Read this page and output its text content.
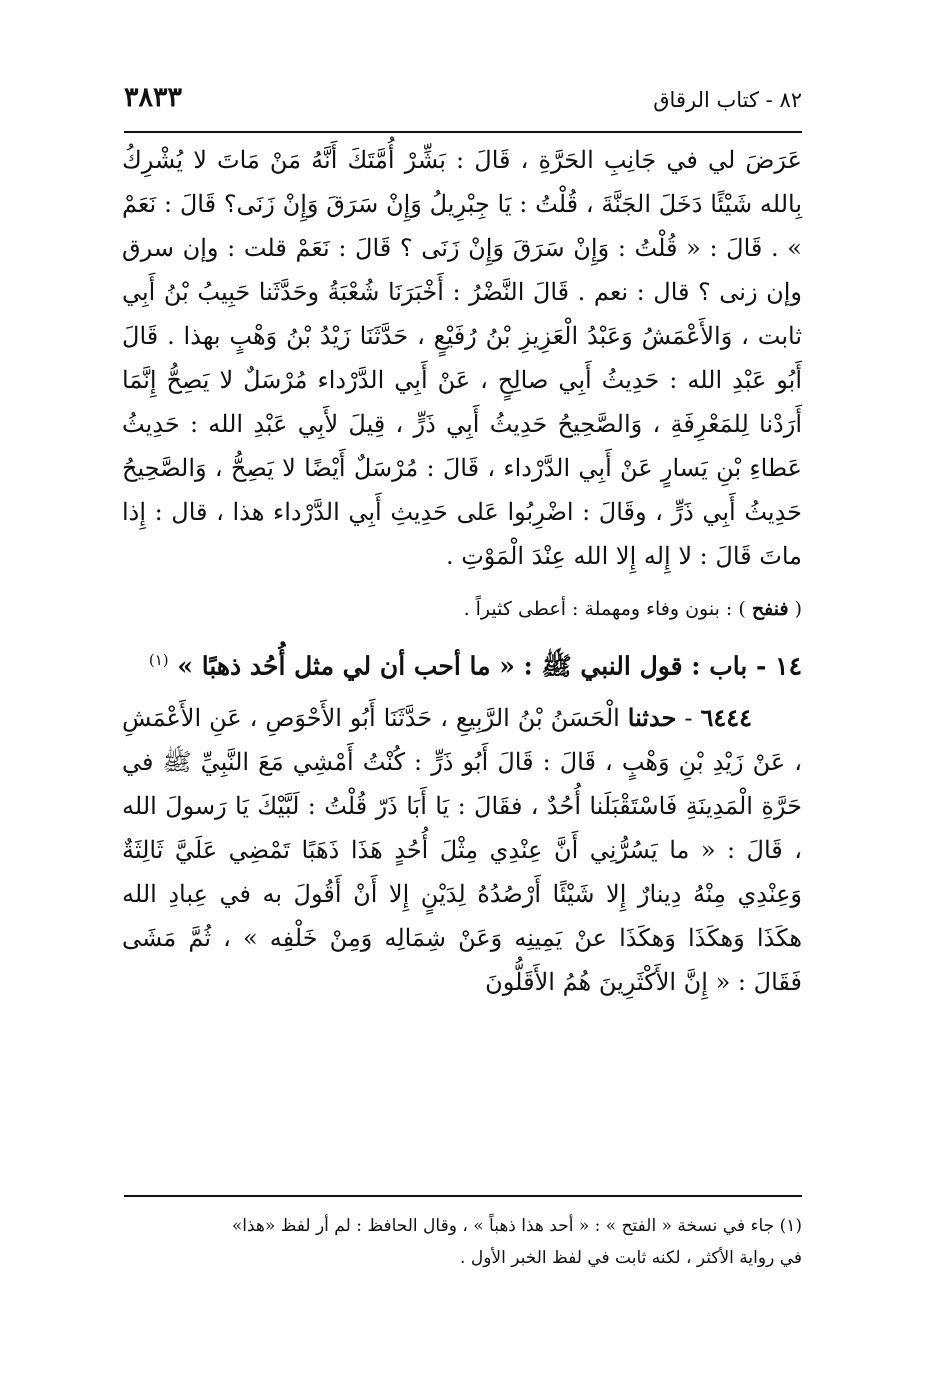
٨٢ - كتاب الرقاق
٣٨٣٣

عَرَضَ لي في جَانِبِ الحَرَّةِ ، قَالَ : بَشِّرْ أُمَّتَكَ أَنَّهُ مَنْ مَاتَ لا يُشْرِكُ بِالله شَيْئًا دَخَلَ الجَنَّةَ ، قُلْتُ : يَا جِبْرِيلُ وَإِنْ سَرَقَ وَإِنْ زَنَى؟ قَالَ : نَعَمْ » . قَالَ : « قُلْتُ : وَإِنْ سَرَقَ وَإِنْ زَنَى ؟ قَالَ : نَعَمْ قلت : وإن سرق وإن زنى ؟ قال : نعم . قَالَ النَّضْرُ : أَخْبَرَنَا شُعْبَةُ وحَدَّثَنا حَبِيبُ بْنُ أَبِي ثابت ، وَالأَعْمَشُ وَعَبْدُ الْعَزِيزِ بْنُ رُفَيْعٍ ، حَدَّثَنَا زَيْدُ بْنُ وَهْبٍ بهذا . قَالَ أَبُو عَبْدِ الله : حَدِيثُ أَبِي صالِحٍ ، عَنْ أَبِي الدَّرْداء مُرْسَلٌ لا يَصِحُّ إِنَّمَا أَرَدْنا لِلمَعْرِفَةِ ، وَالصَّحِيحُ حَدِيثُ أَبِي ذَرٍّ ، قِيلَ لأَبِي عَبْدِ الله : حَدِيثُ عَطاءِ بْنِ يَسارٍ عَنْ أَبِي الدَّرْداء ، قَالَ : مُرْسَلٌ أَيْضًا لا يَصِحُّ ، وَالصَّحِيحُ حَدِيثُ أَبِي ذَرٍّ ، وقَالَ : اضْرِبُوا عَلى حَدِيثِ أَبِي الدَّرْداء هذا ، قال : إِذا ماتَ قَالَ : لا إِله إِلا الله عِنْدَ الْمَوْتِ .

( فنفح ) : بنون وفاء ومهملة : أعطى كثيراً .

١٤ - باب : قول النبي ﷺ : « ما أحب أن لي مثل أُحُد ذهبًا » $^{(١)}$

٦٤٤٤ - حدثنا الْحَسَنُ بْنُ الرَّبِيعِ ، حَدَّثَنَا أَبُو الأَحْوَصِ ، عَنِ الأَعْمَشِ ، عَنْ زَيْدِ بْنِ وَهْبٍ ، قَالَ : قَالَ أَبُو ذَرٍّ : كُنْتُ أَمْشِي مَعَ النَّبِيِّ ﷺ في حَرَّةِ الْمَدِينَةِ فَاسْتَقْبَلَنا أُحُدٌ ، فقَالَ : يَا أَبَا ذَرّ قُلْتُ : لَبَّيْكَ يَا رَسولَ الله ، قَالَ : « ما يَسُرُّنِي أَنَّ عِنْدِي مِثْلَ أُحُدٍ هَذَا ذَهَبًا تَمْضِي عَلَيَّ ثَالِثَةٌ وَعِنْدِي مِنْهُ دِينارٌ إِلا شَيْئًا أَرْصُدُهُ لِدَيْنٍ إِلا أَنْ أَقُولَ به في عِبادِ الله هكَذَا وَهكَذَا وَهكَذَا عنْ يَمِينِه وَعَنْ شِمَالِه وَمِنْ خَلْفِه » ، ثُمَّ مَشَى فَقَالَ : « إِنَّ الأَكْثَرِينَ هُمُ الأَقَلُّونَ

(١) جاء في نسخة « الفتح » : « أحد هذا ذهباً » ، وقال الحافظ : لم أر لفظ «هذا»

في رواية الأكثر ، لكنه ثابت في لفظ الخبر الأول .
